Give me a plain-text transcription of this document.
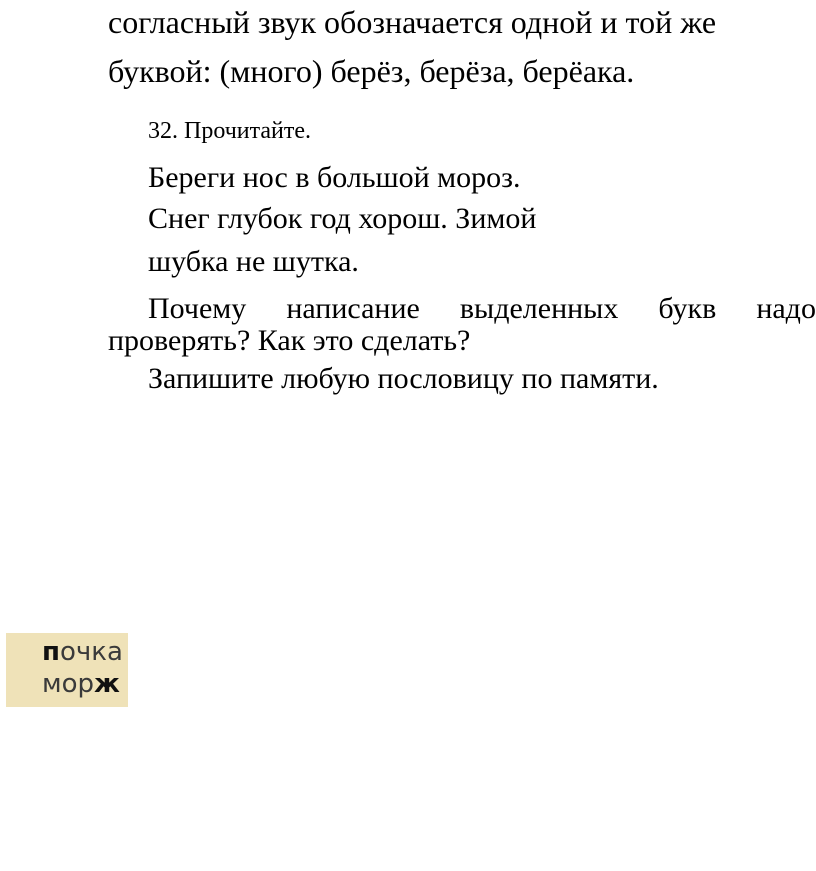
согласный звук обозначается одной и той же
буквой: (много) берёз, берёза, берёака.
32. Прочитайте.
Береги нос в большой мороз.
Снег глубок год хорош. Зимой
шубка не шутка.
Почему написание выделенных букв надо
проверять? Как это сделать?
Запишите любую пословицу по памяти.
почка
морж
